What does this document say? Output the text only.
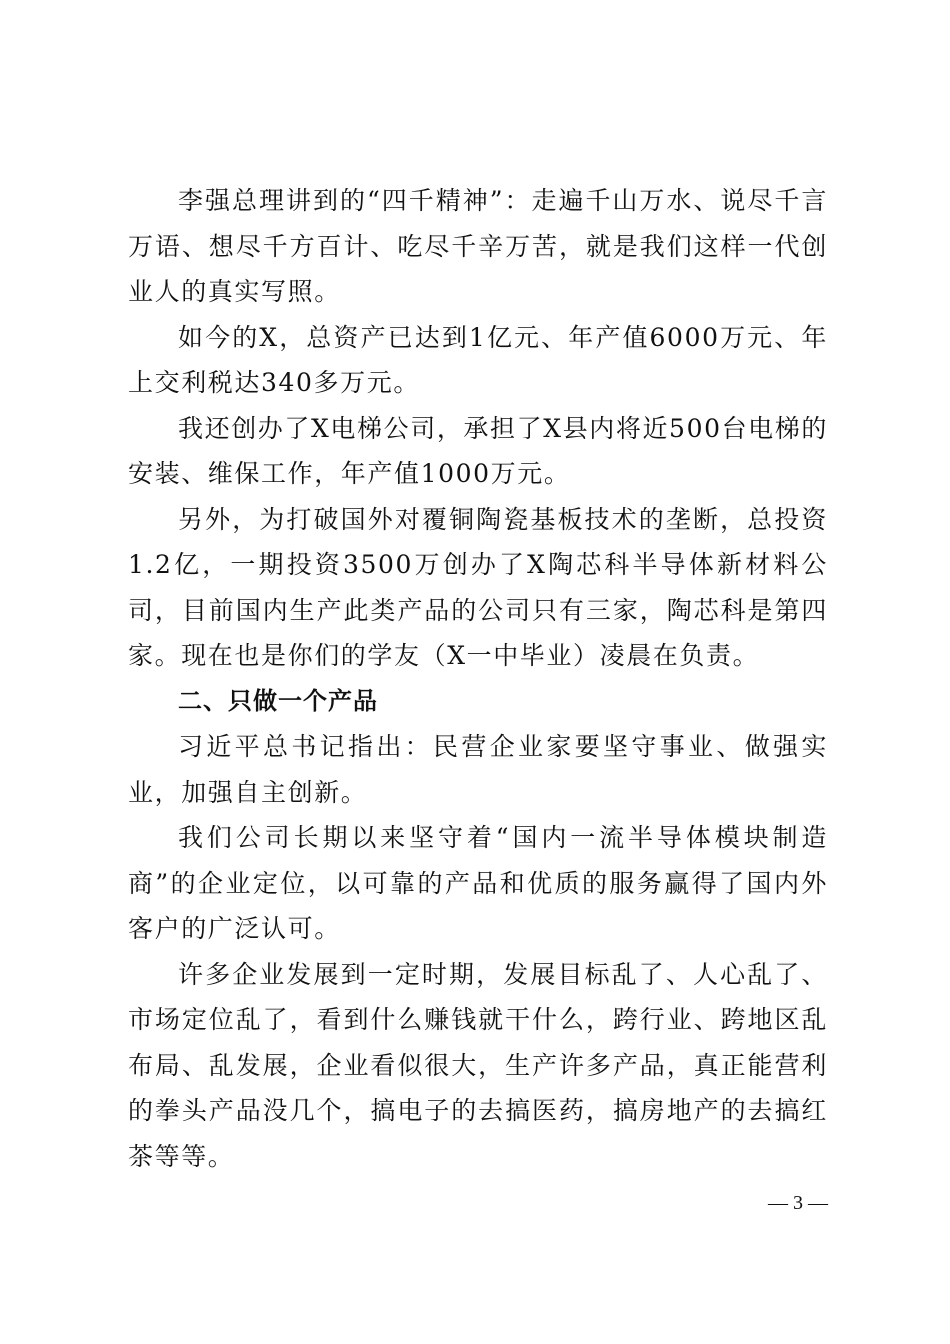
李强总理讲到的“四千精神”：走遍千山万水、说尽千言万语、想尽千方百计、吃尽千辛万苦，就是我们这样一代创业人的真实写照。

如今的X，总资产已达到1亿元、年产值6000万元、年上交利税达340多万元。

我还创办了X电梯公司，承担了X县内将近500台电梯的安装、维保工作，年产值1000万元。

另外，为打破国外对覆铜陶瓷基板技术的垄断，总投资1.2亿，一期投资3500万创办了X陶芯科半导体新材料公司，目前国内生产此类产品的公司只有三家，陶芯科是第四家。现在也是你们的学友（X一中毕业）凌晨在负责。

二、只做一个产品

习近平总书记指出：民营企业家要坚守事业、做强实业，加强自主创新。

我们公司长期以来坚守着“国内一流半导体模块制造商”的企业定位，以可靠的产品和优质的服务赢得了国内外客户的广泛认可。

许多企业发展到一定时期，发展目标乱了、人心乱了、市场定位乱了，看到什么赚钱就干什么，跨行业、跨地区乱布局、乱发展，企业看似很大，生产许多产品，真正能营利的拳头产品没几个，搞电子的去搞医药，搞房地产的去搞红茶等等。

— 3 —
